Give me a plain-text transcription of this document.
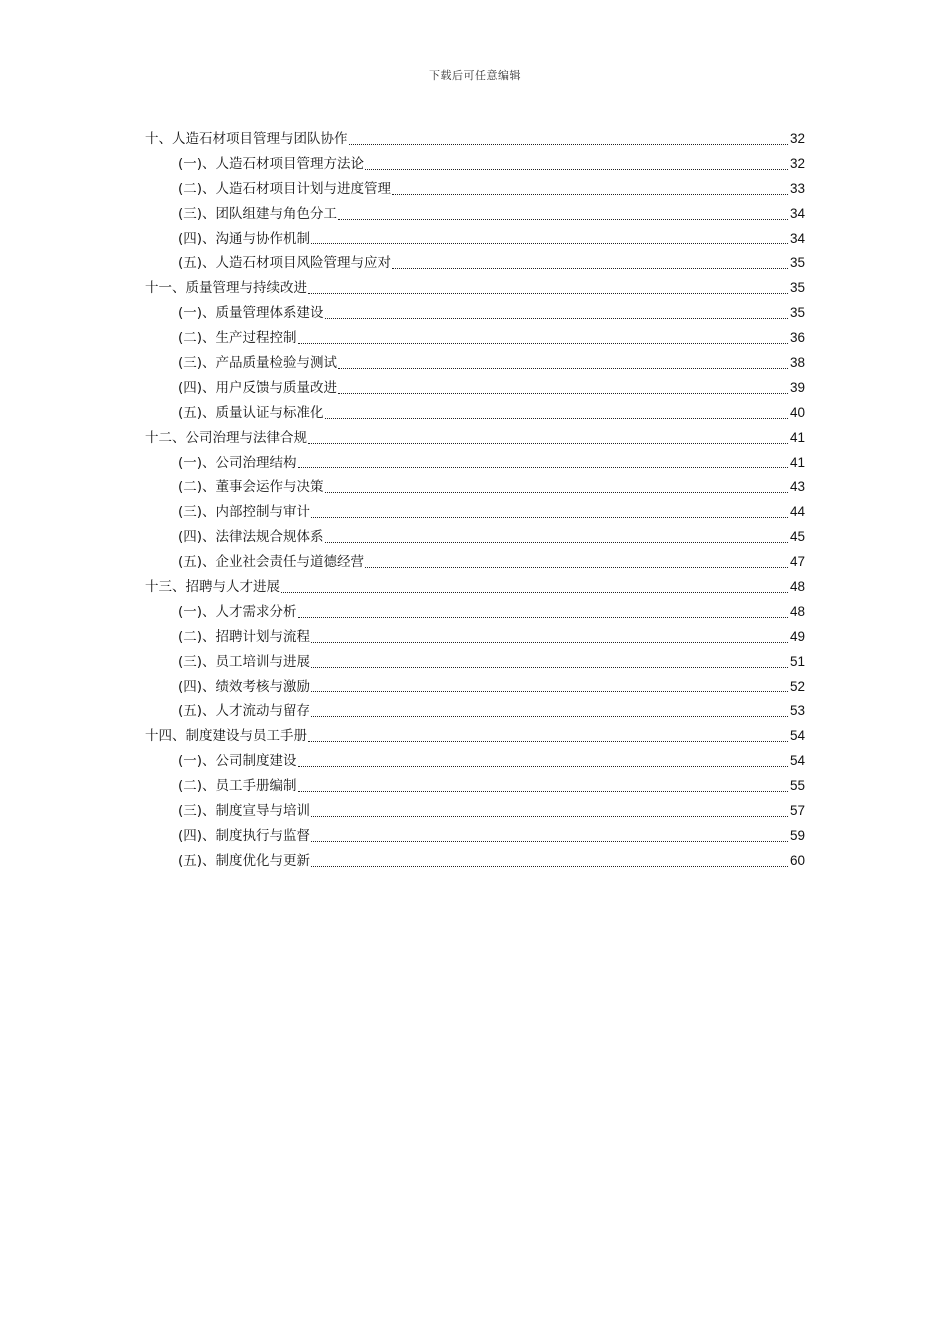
下载后可任意编辑
十、人造石材项目管理与团队协作	32
(一)、人造石材项目管理方法论	32
(二)、人造石材项目计划与进度管理	33
(三)、团队组建与角色分工	34
(四)、沟通与协作机制	34
(五)、人造石材项目风险管理与应对	35
十一、质量管理与持续改进	35
(一)、质量管理体系建设	35
(二)、生产过程控制	36
(三)、产品质量检验与测试	38
(四)、用户反馈与质量改进	39
(五)、质量认证与标准化	40
十二、公司治理与法律合规	41
(一)、公司治理结构	41
(二)、董事会运作与决策	43
(三)、内部控制与审计	44
(四)、法律法规合规体系	45
(五)、企业社会责任与道德经营	47
十三、招聘与人才进展	48
(一)、人才需求分析	48
(二)、招聘计划与流程	49
(三)、员工培训与进展	51
(四)、绩效考核与激励	52
(五)、人才流动与留存	53
十四、制度建设与员工手册	54
(一)、公司制度建设	54
(二)、员工手册编制	55
(三)、制度宣导与培训	57
(四)、制度执行与监督	59
(五)、制度优化与更新	60
